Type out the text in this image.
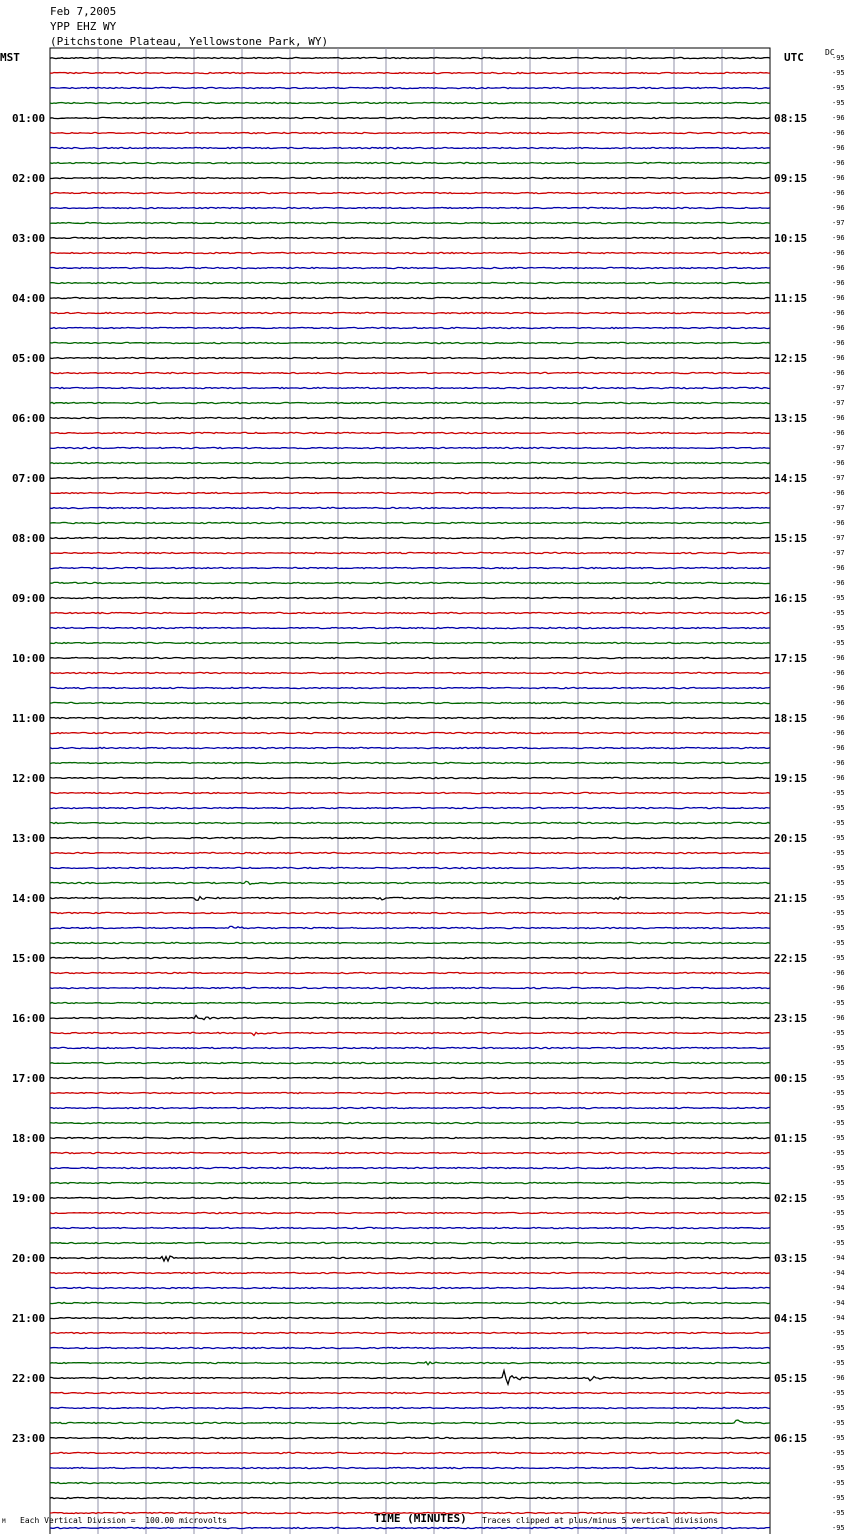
Feb 7,2005
YPP EHZ WY
(Pitchstone Plateau, Yellowstone Park, WY)
MST	UTC	DC
-95
-95
-95
-95
-96
-96
-96
-96
-96
-96
-96
-97
-96
-96
-96
-96
-96
-96
-96
-96
-96
-96
-97
-97
-96
-96
-97
-96
-97
-96
-97
-96
-97
-97
-96
-96
-95
-95
-95
-95
-96
-96
-96
-96
-96
-96
-96
-96
-96
-95
-95
-95
-95
-95
-95
-95
-95
-95
-95
-95
-95
-96
-96
-95
-96
-95
-95
-95
-95
-95
-95
-95
-95
-95
-95
-95
-95
-95
-95
-95
-94
-94
-94
-94
-94
-95
-95
-95
-96
-95
-95
-95
-95
-95
-95
-95
-95
-95
-95
01:00
02:00
03:00
04:00
05:00
06:00
07:00
08:00
09:00
10:00
11:00
12:00
13:00
14:00
15:00
16:00
17:00
18:00
19:00
20:00
21:00
22:00
23:00
08:15
09:15
10:15
11:15
12:15
13:15
14:15
15:15
16:15
17:15
18:15
19:15
20:15
21:15
22:15
23:15
00:15
01:15
02:15
03:15
04:15
05:15
06:15
M Each Vertical Division =  100.00 microvolts	TIME (MINUTES) Traces clipped at plus/minus 5 vertical divisions
